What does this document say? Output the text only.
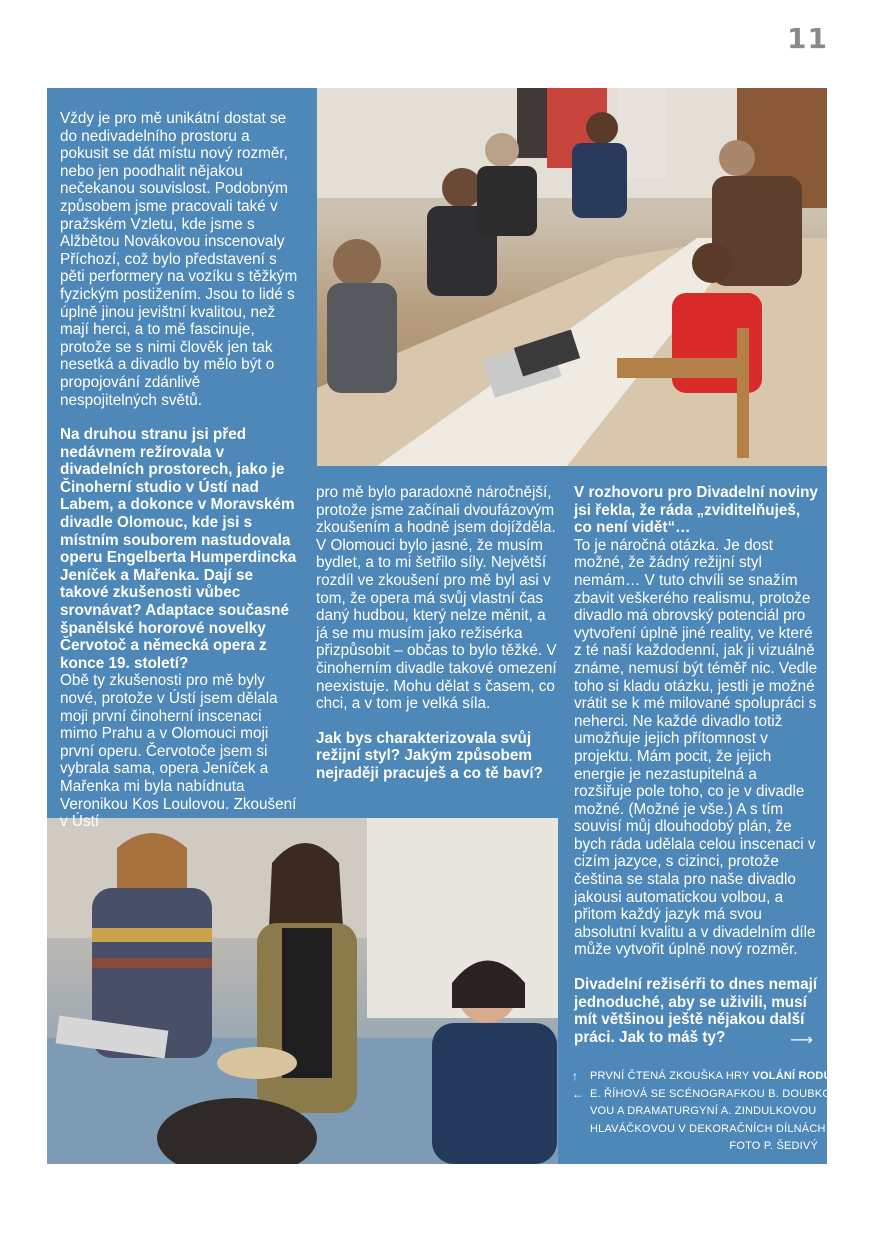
11

Vždy je pro mě unikátní dostat se do nedivadelního prostoru a pokusit se dát místu nový rozměr, nebo jen poodhalit nějakou nečekanou souvislost. Podobným způsobem jsme pracovali také v pražském Vzletu, kde jsme s Alžbětou Novákovou inscenovaly Příchozí, což bylo představení s pěti performery na vozíku s těžkým fyzickým postižením. Jsou to lidé s úplně jinou jevištní kvalitou, než mají herci, a to mě fascinuje, protože se s nimi člověk jen tak nesetká a divadlo by mělo být o propojování zdánlivě nespojitelných světů.

Na druhou stranu jsi před nedávnem režírovala v divadelních prostorech, jako je Činoherní studio v Ústí nad Labem, a dokonce v Moravském divadle Olomouc, kde jsi s místním souborem nastudovala operu Engelberta Humperdincka Jeníček a Mařenka. Dají se takové zkušenosti vůbec srovnávat? Adaptace současné španělské hororové novelky Červotoč a německá opera z konce 19. století?

Obě ty zkušenosti pro mě byly nové, protože v Ústí jsem dělala moji první činoherní inscenaci mimo Prahu a v Olomouci moji první operu. Červotoče jsem si vybrala sama, opera Jeníček a Mařenka mi byla nabídnuta Veronikou Kos Loulovou. Zkoušení v Ústí

pro mě bylo paradoxně náročnější, protože jsme začínali dvoufázovým zkoušením a hodně jsem dojížděla. V Olomouci bylo jasné, že musím bydlet, a to mi šetřilo síly. Největší rozdíl ve zkoušení pro mě byl asi v tom, že opera má svůj vlastní čas daný hudbou, který nelze měnit, a já se mu musím jako režisérka přizpůsobit – občas to bylo těžké. V činoherním divadle takové omezení neexistuje. Mohu dělat s časem, co chci, a v tom je velká síla.

Jak bys charakterizovala svůj režijní styl? Jakým způsobem nejraději pracuješ a co tě baví?

V rozhovoru pro Divadelní noviny jsi řekla, že ráda „zviditelňuješ, co není vidět“…

To je náročná otázka. Je dost možné, že žádný režijní styl nemám… V tuto chvíli se snažím zbavit veškerého realismu, protože divadlo má obrovský potenciál pro vytvoření úplně jiné reality, ve které z té naší každodenní, jak ji vizuálně známe, nemusí být téměř nic. Vedle toho si kladu otázku, jestli je možné vrátit se k mé milované spolupráci s neherci. Ne každé divadlo totiž umožňuje jejich přítomnost v projektu. Mám pocit, že jejich energie je nezastupitelná a rozšiřuje pole toho, co je v divadle možné. (Možné je vše.) A s tím souvisí můj dlouhodobý plán, že bych ráda udělala celou inscenaci v cizím jazyce, s cizinci, protože čeština se stala pro naše divadlo jakousi automatickou volbou, a přitom každý jazyk má svou absolutní kvalitu a v divadelním díle může vytvořit úplně nový rozměr.

Divadelní režisérři to dnes nemají jednoduché, aby se uživili, musí mít většinou ještě nějakou další práci. Jak to máš ty?	⟶
↑ PRVNÍ ČTENÁ ZKOUŠKA HRY VOLÁNÍ RODU
← E. ŘÍHOVÁ SE SCÉNOGRAFKOU B. DOUBKO-
VOU A DRAMATURGYNÍ A. ZINDULKOVOU
HLAVÁČKOVOU V DEKORAČNÍCH DÍLNÁCH
FOTO P. ŠEDIVÝ
